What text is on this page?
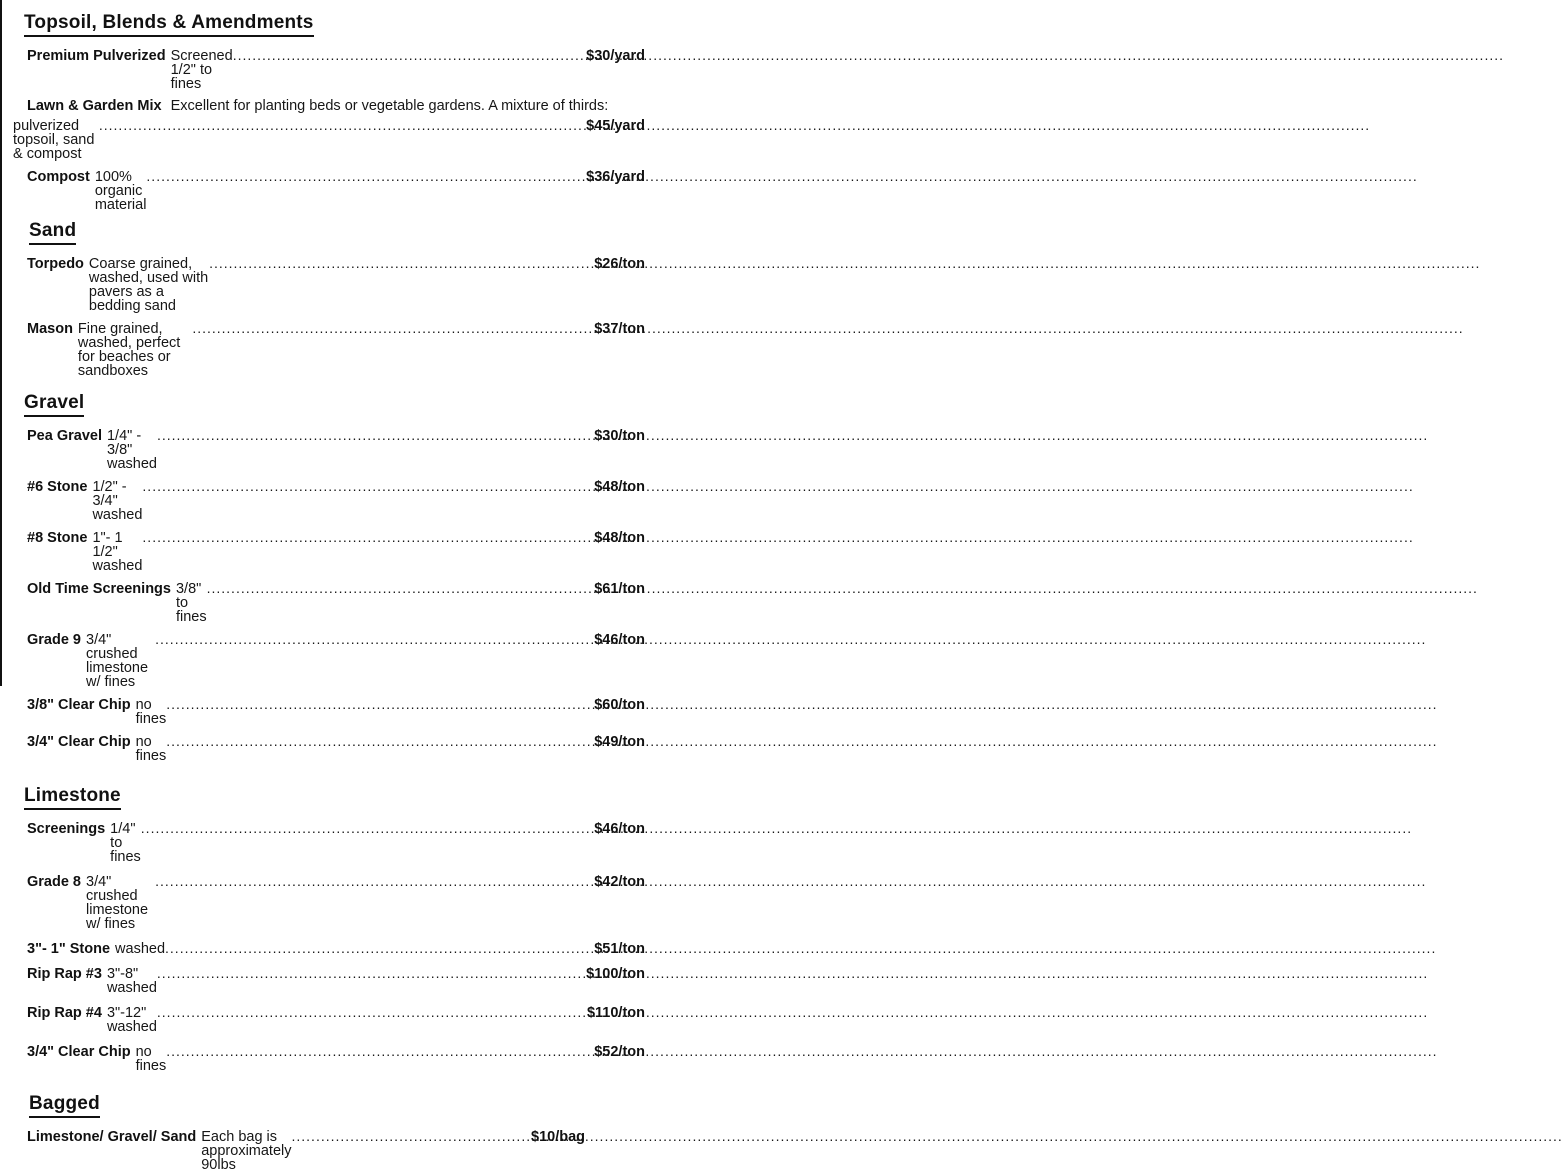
Topsoil, Blends & Amendments
Premium Pulverized Screened 1/2" to fines
.....
$30/yard
Lawn & Garden Mix Excellent for planting beds or vegetable gardens. A mixture of thirds:
pulverized topsoil, sand & compost
.....
$45/yard
Compost 100% organic material
.....
$36/yard
Sand
Torpedo Coarse grained, washed, used with pavers as a bedding sand
.....
$26/ton
Mason Fine grained, washed, perfect for beaches or sandboxes
.....
$37/ton
Gravel
Pea Gravel 1/4" - 3/8" washed
.....
$30/ton
#6 Stone 1/2" - 3/4" washed
.....
$48/ton
#8 Stone 1"- 1 1/2" washed
.....
$48/ton
Old Time Screenings 3/8" to fines
.....
$61/ton
Grade 9 3/4" crushed limestone w/ fines
.....
$46/ton
3/8" Clear Chip no fines
.....
$60/ton
3/4" Clear Chip no fines
.....
$49/ton
Limestone
Screenings 1/4" to fines
.....
$46/ton
Grade 8 3/4" crushed limestone w/ fines
.....
$42/ton
3"- 1" Stone washed .....	$51/ton
Rip Rap #3 3"-8" washed
.....
$100/ton
Rip Rap #4 3"-12" washed
.....
$110/ton
3/4" Clear Chip no fines
.....
$52/ton
Bagged
Limestone/ Gravel/ Sand Each bag is approximately 90lbs
.....
$10/bag
